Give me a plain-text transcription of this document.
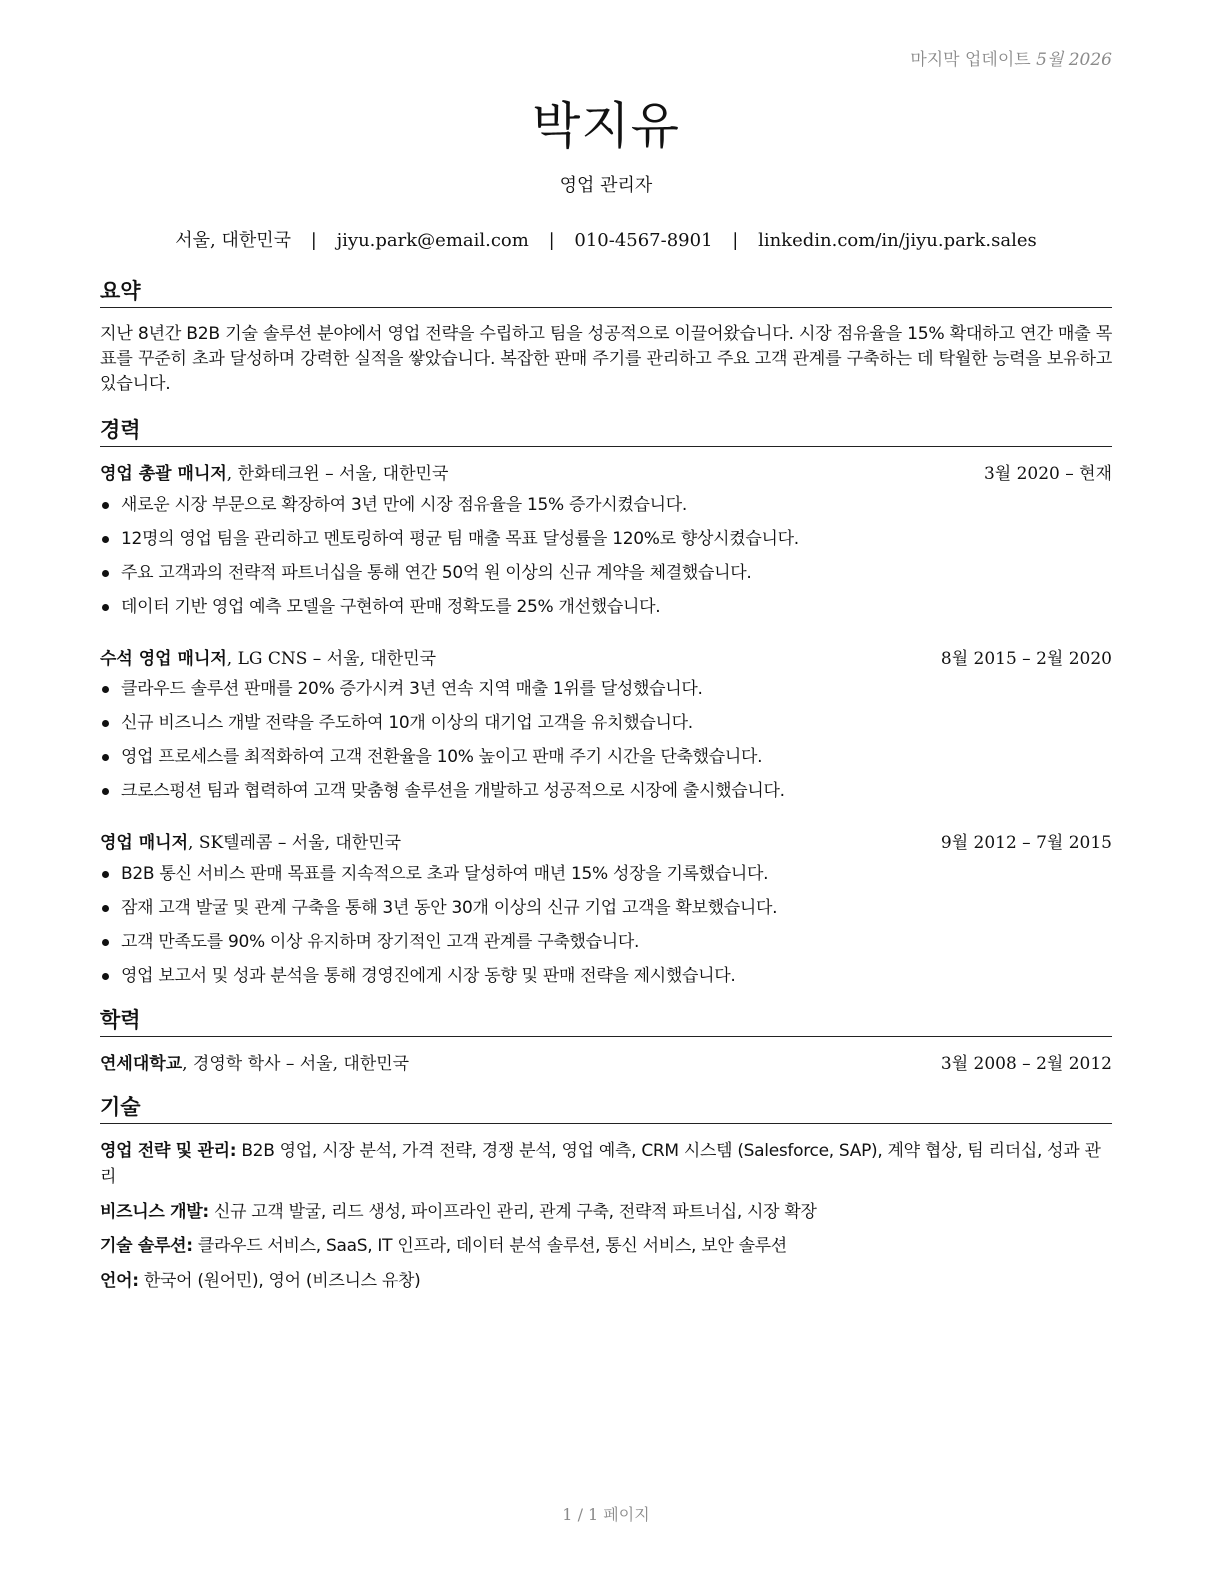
마지막 업데이트 5월 2026
박지유
영업 관리자
서울, 대한민국 | jiyu.park@email.com | 010-4567-8901 | linkedin.com/in/jiyu.park.sales
요약
지난 8년간 B2B 기술 솔루션 분야에서 영업 전략을 수립하고 팀을 성공적으로 이끌어왔습니다. 시장 점유율을 15% 확대하고 연간 매출 목표를 꾸준히 초과 달성하며 강력한 실적을 쌓았습니다. 복잡한 판매 주기를 관리하고 주요 고객 관계를 구축하는 데 탁월한 능력을 보유하고 있습니다.
경력
영업 총괄 매니저, 한화테크윈 – 서울, 대한민국	3월 2020 – 현재
새로운 시장 부문으로 확장하여 3년 만에 시장 점유율을 15% 증가시켰습니다.
12명의 영업 팀을 관리하고 멘토링하여 평균 팀 매출 목표 달성률을 120%로 향상시켰습니다.
주요 고객과의 전략적 파트너십을 통해 연간 50억 원 이상의 신규 계약을 체결했습니다.
데이터 기반 영업 예측 모델을 구현하여 판매 정확도를 25% 개선했습니다.
수석 영업 매니저, LG CNS – 서울, 대한민국	8월 2015 – 2월 2020
클라우드 솔루션 판매를 20% 증가시켜 3년 연속 지역 매출 1위를 달성했습니다.
신규 비즈니스 개발 전략을 주도하여 10개 이상의 대기업 고객을 유치했습니다.
영업 프로세스를 최적화하여 고객 전환율을 10% 높이고 판매 주기 시간을 단축했습니다.
크로스펑션 팀과 협력하여 고객 맞춤형 솔루션을 개발하고 성공적으로 시장에 출시했습니다.
영업 매니저, SK텔레콤 – 서울, 대한민국	9월 2012 – 7월 2015
B2B 통신 서비스 판매 목표를 지속적으로 초과 달성하여 매년 15% 성장을 기록했습니다.
잠재 고객 발굴 및 관계 구축을 통해 3년 동안 30개 이상의 신규 기업 고객을 확보했습니다.
고객 만족도를 90% 이상 유지하며 장기적인 고객 관계를 구축했습니다.
영업 보고서 및 성과 분석을 통해 경영진에게 시장 동향 및 판매 전략을 제시했습니다.
학력
연세대학교, 경영학 학사 – 서울, 대한민국	3월 2008 – 2월 2012
기술
영업 전략 및 관리: B2B 영업, 시장 분석, 가격 전략, 경쟁 분석, 영업 예측, CRM 시스템 (Salesforce, SAP), 계약 협상, 팀 리더십, 성과 관리
비즈니스 개발: 신규 고객 발굴, 리드 생성, 파이프라인 관리, 관계 구축, 전략적 파트너십, 시장 확장
기술 솔루션: 클라우드 서비스, SaaS, IT 인프라, 데이터 분석 솔루션, 통신 서비스, 보안 솔루션
언어: 한국어 (원어민), 영어 (비즈니스 유창)
1 / 1 페이지
